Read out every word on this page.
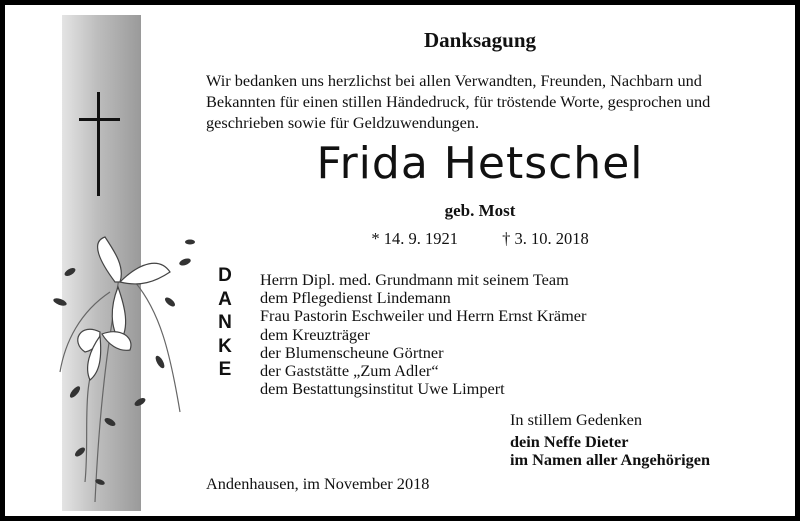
Danksagung
Wir bedanken uns herzlichst bei allen Verwandten, Freunden, Nachbarn und Bekannten für einen stillen Händedruck, für tröstende Worte, gesprochen und geschrieben sowie für Geldzuwendungen.
Frida Hetschel
geb. Most
* 14. 9. 1921	† 3. 10. 2018
D
A
N
K
E
Herrn Dipl. med. Grundmann mit seinem Team
dem Pflegedienst Lindemann
Frau Pastorin Eschweiler und Herrn Ernst Krämer
dem Kreuzträger
der Blumenscheune Görtner
der Gaststätte „Zum Adler“
dem Bestattungsinstitut Uwe Limpert
In stillem Gedenken
dein Neffe Dieter
im Namen aller Angehörigen
Andenhausen, im November 2018
